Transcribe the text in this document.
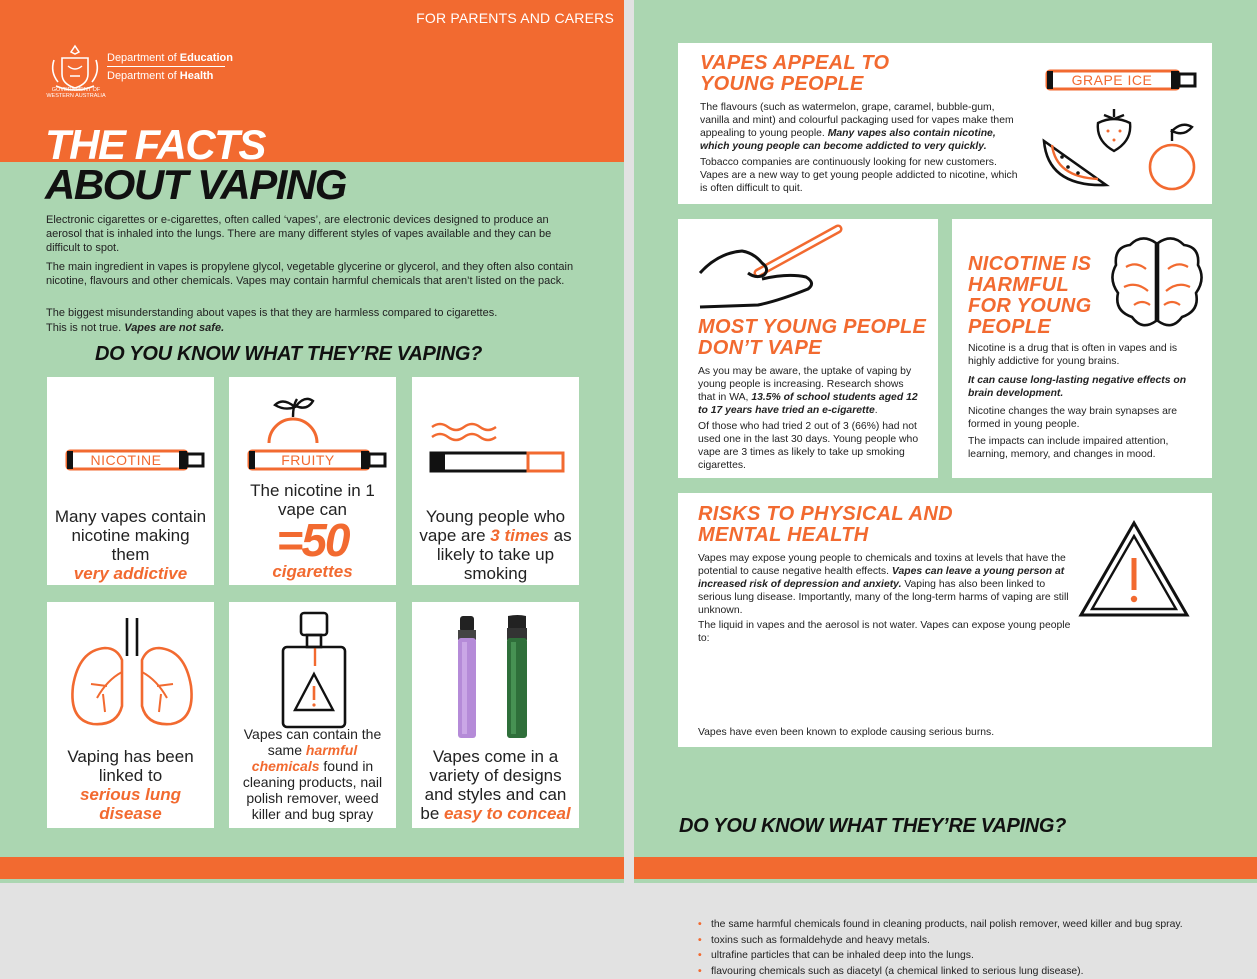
FOR PARENTS AND CARERS
GOVERNMENT OF WESTERN AUSTRALIA
Department of Education
Department of Health
THE FACTS
ABOUT VAPING
Electronic cigarettes or e-cigarettes, often called ‘vapes’, are electronic devices designed to produce an aerosol that is inhaled into the lungs. There are many different styles of vapes available and they can be difficult to spot.
The main ingredient in vapes is propylene glycol, vegetable glycerine or glycerol, and they often also contain nicotine, flavours and other chemicals. Vapes may contain harmful chemicals that aren’t listed on the pack.
The biggest misunderstanding about vapes is that they are harmless compared to cigarettes.
This is not true. Vapes are not safe.
DO YOU KNOW WHAT THEY’RE VAPING?
NICOTINE
Many vapes contain nicotine making them
very addictive
FRUITY
The nicotine in 1 vape can
=50
cigarettes
Young people who vape are 3 times as likely to take up smoking
Vaping has been linked to
serious lung disease
Vapes can contain the same harmful chemicals found in cleaning products, nail polish remover, weed killer and bug spray
Vapes come in a variety of designs and styles and can be easy to conceal
VAPES APPEAL TO YOUNG PEOPLE
The flavours (such as watermelon, grape, caramel, bubble-gum, vanilla and mint) and colourful packaging used for vapes make them appealing to young people. Many vapes also contain nicotine, which young people can become addicted to very quickly.
Tobacco companies are continuously looking for new customers. Vapes are a new way to get young people addicted to nicotine, which is often difficult to quit.
GRAPE ICE
MOST YOUNG PEOPLE DON’T VAPE
As you may be aware, the uptake of vaping by young people is increasing. Research shows that in WA, 13.5% of school students aged 12 to 17 years have tried an e-cigarette.
Of those who had tried 2 out of 3 (66%) had not used one in the last 30 days. Young people who vape are 3 times as likely to take up smoking cigarettes.
NICOTINE IS HARMFUL FOR YOUNG PEOPLE
Nicotine is a drug that is often in vapes and is highly addictive for young brains.
It can cause long-lasting negative effects on brain development.
Nicotine changes the way brain synapses are formed in young people.
The impacts can include impaired attention, learning, memory, and changes in mood.
RISKS TO PHYSICAL AND MENTAL HEALTH
Vapes may expose young people to chemicals and toxins at levels that have the potential to cause negative health effects. Vapes can leave a young person at increased risk of depression and anxiety. Vaping has also been linked to serious lung disease. Importantly, many of the long-term harms of vaping are still unknown.
The liquid in vapes and the aerosol is not water. Vapes can expose young people to:
• the same harmful chemicals found in cleaning products, nail polish remover, weed killer and bug spray.
• toxins such as formaldehyde and heavy metals.
• ultrafine particles that can be inhaled deep into the lungs.
• flavouring chemicals such as diacetyl (a chemical linked to serious lung disease).
Vapes have even been known to explode causing serious burns.
DO YOU KNOW WHAT THEY’RE VAPING?
